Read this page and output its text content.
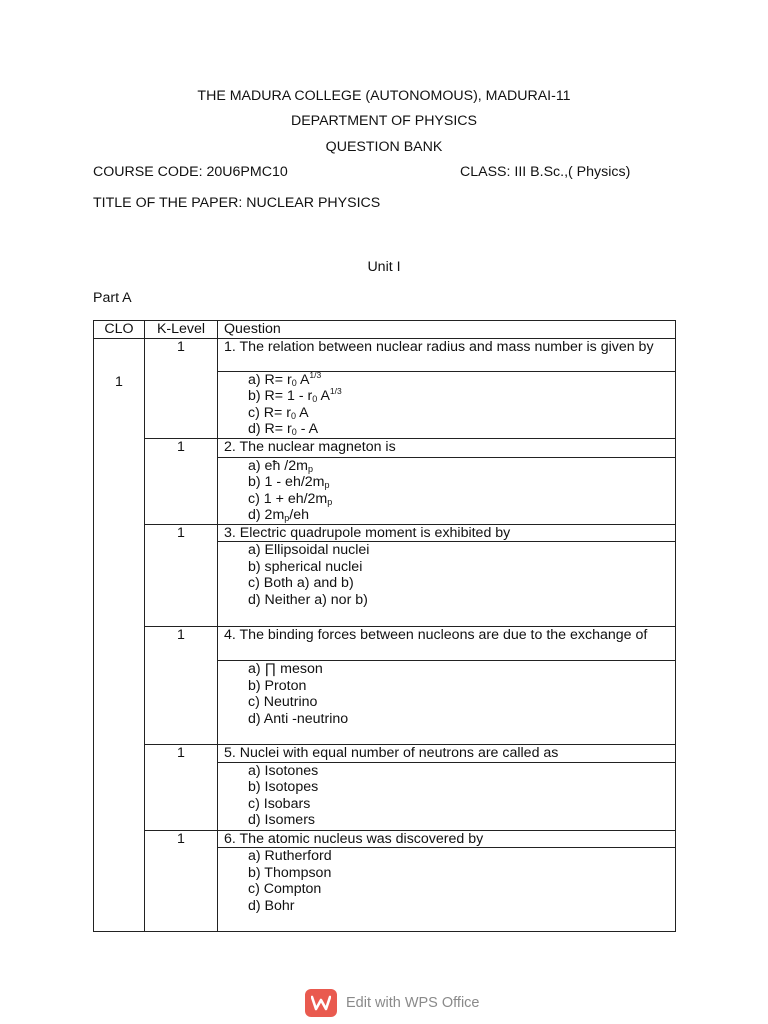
THE MADURA COLLEGE (AUTONOMOUS), MADURAI-11
DEPARTMENT OF PHYSICS
QUESTION BANK
COURSE CODE: 20U6PMC10	CLASS: III B.Sc.,( Physics)
TITLE OF THE PAPER: NUCLEAR PHYSICS
Unit I
Part A
CLO	K-Level	Question
1	1	1. The relation between nuclear radius and mass number is given by

		a) $R= r_0$ $A^{1/3}$
b) $R= 1 - r_0$ $A^{1/3}$
c) $R= r_0$ A
d) $R= r_0 - A$

	1	2. The nuclear magneton is

		a) eħ $/2m_p$
b) $1 - eh/2m_p$
c) $1 + eh/2m_p$
d) $2m_p/eh$

	1	3. Electric quadrupole moment is exhibited by

		a) Ellipsoidal nuclei
b) spherical nuclei
c) Both a) and b)
d) Neither a) nor b)

	1	4. The binding forces between nucleons are due to the exchange of

		a) ∏ meson
b) Proton
c) Neutrino
d) Anti -neutrino

	1	5. Nuclei with equal number of neutrons are called as

		a) Isotones
b) Isotopes
c) Isobars
d) Isomers

	1	6. The atomic nucleus was discovered by

		a) Rutherford
b) Thompson
c) Compton
d) Bohr
Edit with WPS Office
